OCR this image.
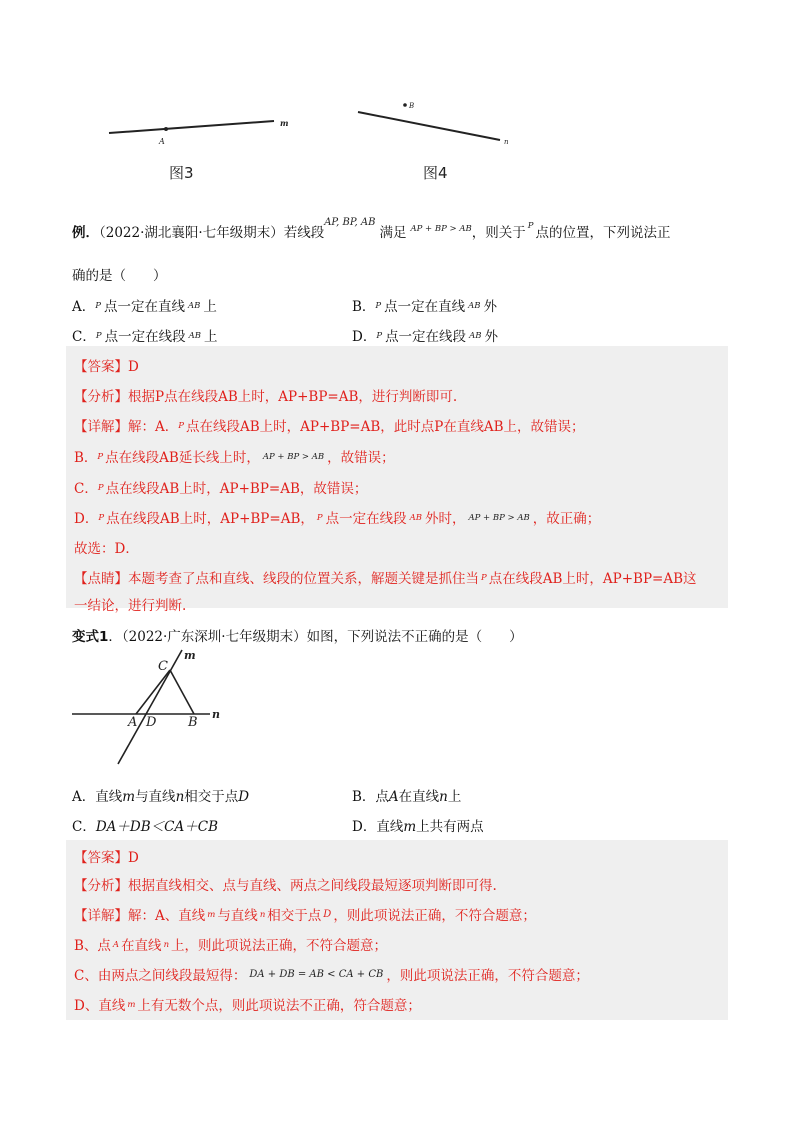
A
m
图3
B
n
图4
例．（2022·湖北襄阳·七年级期末）若线段$^{AP, BP, AB}$满足 $^{AP + BP > AB}$，则关于 $^P$ 点的位置，下列说法正
确的是（　　）
A．$^P$ 点一定在直线 $^{AB}$ 上	B．$^P$ 点一定在直线 $^{AB}$ 外
C．$^P$ 点一定在线段 $^{AB}$ 上	D．$^P$ 点一定在线段 $^{AB}$ 外
【答案】D
【分析】根据P点在线段AB上时，AP+BP=AB，进行判断即可.
【详解】解：A．$^P$ 点在线段AB上时，AP+BP=AB，此时点P在直线AB上，故错误；
B．$^P$ 点在线段AB延长线上时， $^{AP + BP > AB}$ ，故错误；
C．$^P$ 点在线段AB上时，AP+BP=AB，故错误；
D．$^P$ 点在线段AB上时，AP+BP=AB， $^P$ 点一定在线段 $^{AB}$ 外时， $^{AP + BP > AB}$ ，故正确；
故选：D．
【点睛】本题考查了点和直线、线段的位置关系，解题关键是抓住当 $^P$ 点在线段AB上时，AP+BP=AB这
一结论，进行判断.
变式1．（2022·广东深圳·七年级期末）如图，下列说法不正确的是（　　）
C
m
A D B
n
A．直线m与直线n相交于点D	B．点A在直线n上
C．DA＋DB＜CA＋CB	D．直线m上共有两点
【答案】D
【分析】根据直线相交、点与直线、两点之间线段最短逐项判断即可得.
【详解】解：A、直线 $^m$ 与直线 $^n$ 相交于点 $^D$ ，则此项说法正确，不符合题意；
B、点 $^A$ 在直线 $^n$ 上，则此项说法正确，不符合题意；
C、由两点之间线段最短得： $^{DA + DB = AB < CA + CB}$ ，则此项说法正确，不符合题意；
D、直线 $^m$ 上有无数个点，则此项说法不正确，符合题意；
